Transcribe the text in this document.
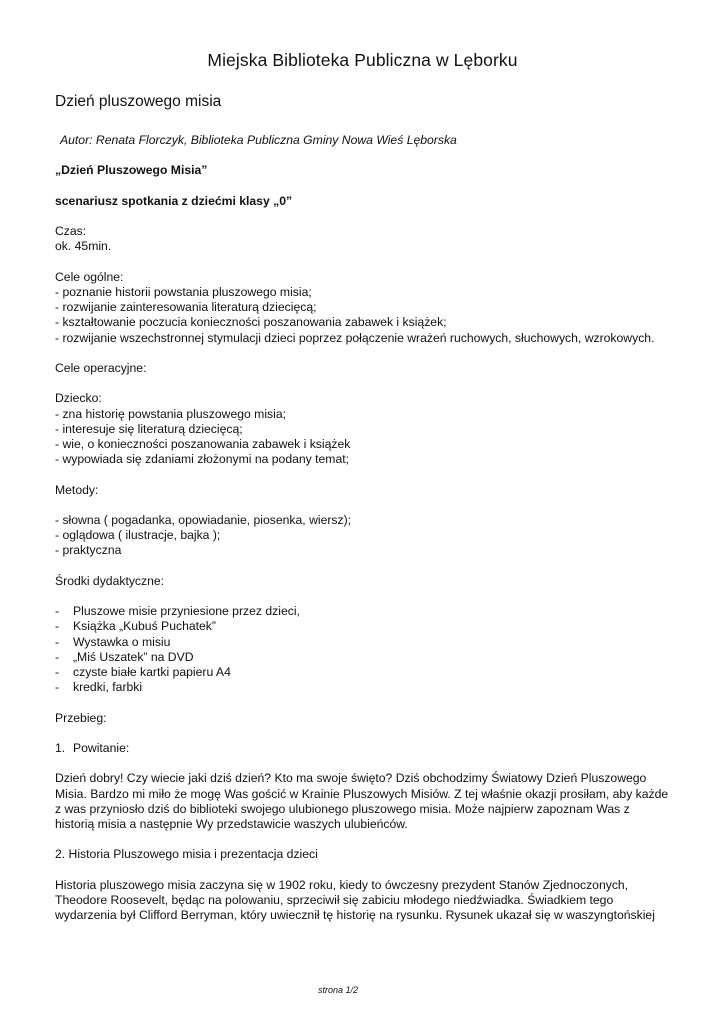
Miejska Biblioteka Publiczna w Lęborku
Dzień pluszowego misia

Autor: Renata Florczyk, Biblioteka Publiczna Gminy Nowa Wieś Lęborska

„Dzień Pluszowego Misia”

scenariusz spotkania z dziećmi klasy „0”

Czas:

ok. 45min.

Cele ogólne:

- poznanie historii powstania pluszowego misia;

- rozwijanie zainteresowania literaturą dziecięcą;

- kształtowanie poczucia konieczności poszanowania zabawek i książek;

- rozwijanie wszechstronnej stymulacji dzieci poprzez połączenie wrażeń ruchowych, słuchowych, wzrokowych.

Cele operacyjne:

Dziecko:

- zna historię powstania pluszowego misia;

- interesuje się literaturą dziecięcą;

- wie, o konieczności poszanowania zabawek i książek

- wypowiada się zdaniami złożonymi na podany temat;

Metody:

- słowna ( pogadanka, opowiadanie, piosenka, wiersz);

- oglądowa ( ilustracje, bajka );

- praktyczna

Środki dydaktyczne:

-	Pluszowe misie przyniesione przez dzieci,
-	Książka „Kubuś Puchatek”
-	Wystawka o misiu
-	„Miś Uszatek” na DVD
-	czyste białe kartki papieru A4
-	kredki, farbki

Przebieg:

1. Powitanie:

Dzień dobry! Czy wiecie jaki dziś dzień? Kto ma swoje święto? Dziś obchodzimy Światowy Dzień Pluszowego

Misia. Bardzo mi miło że mogę Was gościć w Krainie Pluszowych Misiów. Z tej właśnie okazji prosiłam, aby każde

z was przyniosło dziś do biblioteki swojego ulubionego pluszowego misia. Może najpierw zapoznam Was z

historią misia a następnie Wy przedstawicie waszych ulubieńców.

2. Historia Pluszowego misia i prezentacja dzieci

Historia pluszowego misia zaczyna się w 1902 roku, kiedy to ówczesny prezydent Stanów Zjednoczonych,

Theodore Roosevelt, będąc na polowaniu, sprzeciwił się zabiciu młodego niedźwiadka. Świadkiem tego

wydarzenia był Clifford Berryman, który uwiecznił tę historię na rysunku. Rysunek ukazał się w waszyngtońskiej

strona 1/2
